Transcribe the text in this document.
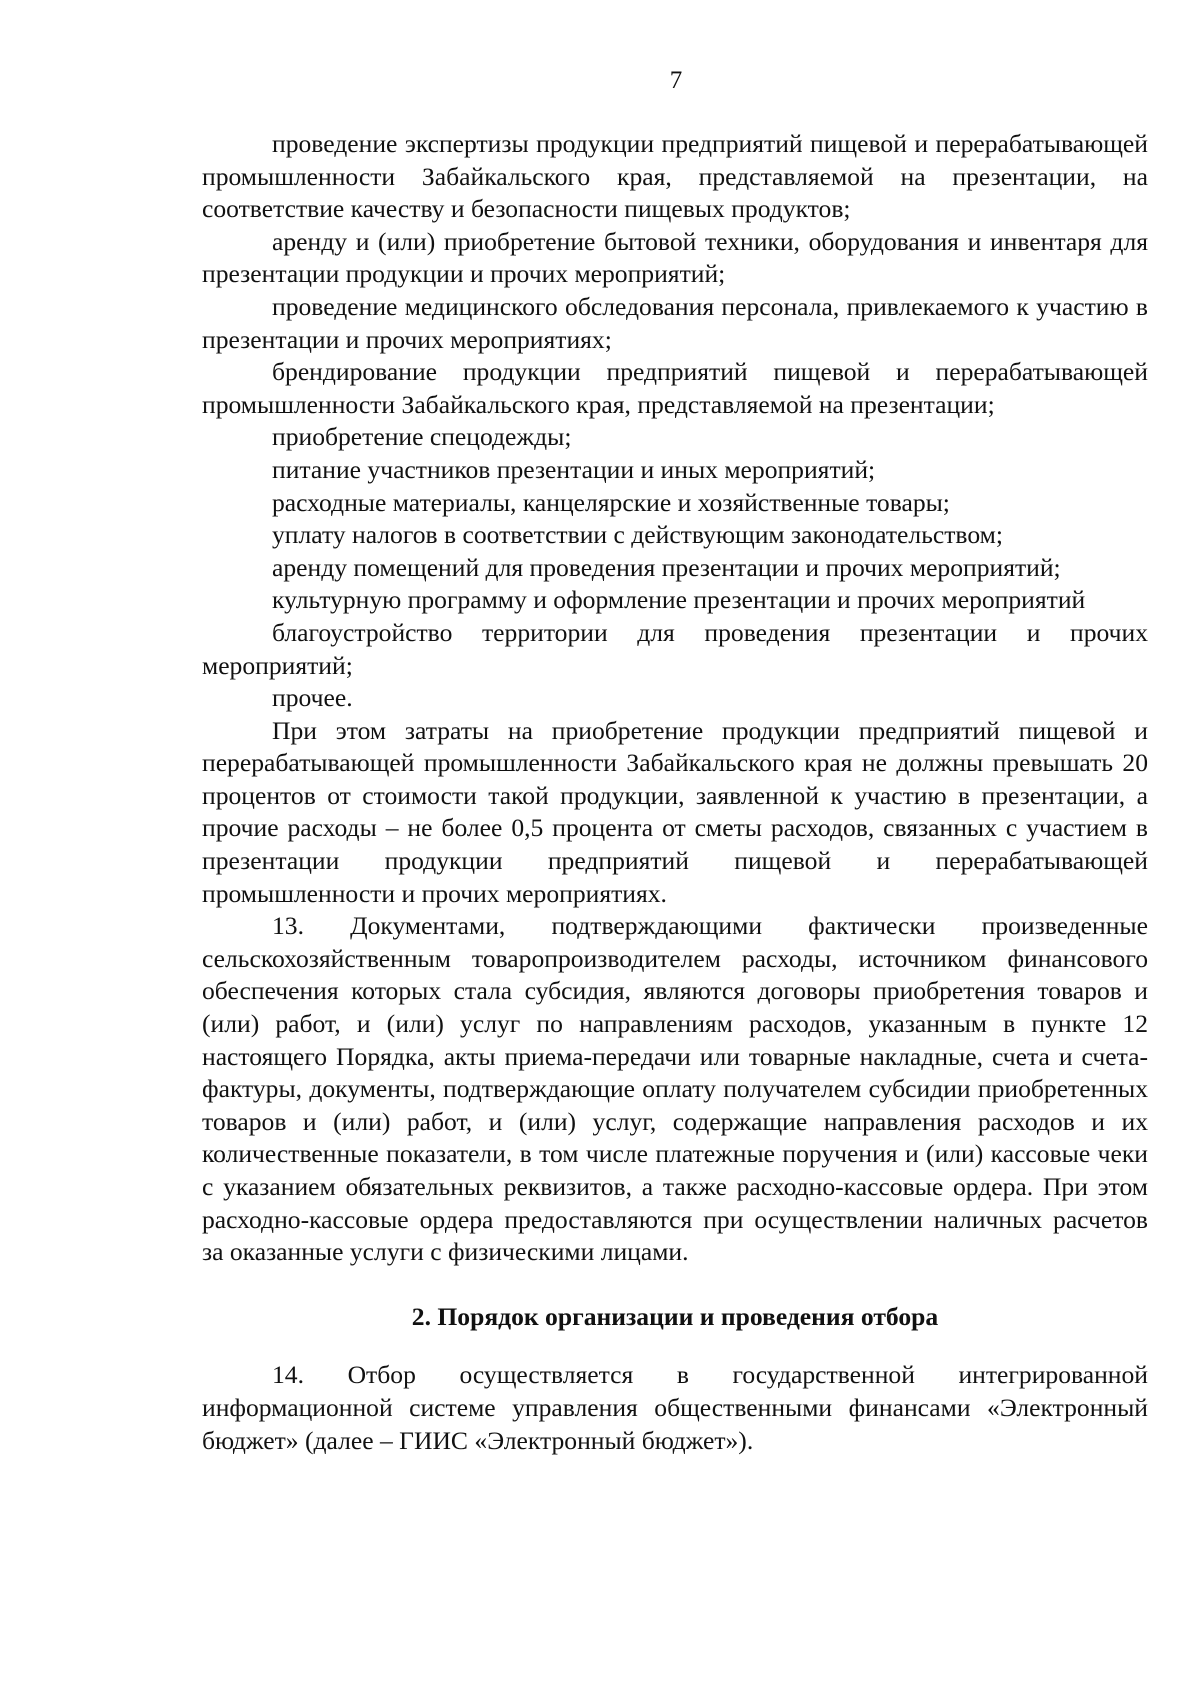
7

проведение экспертизы продукции предприятий пищевой и перерабатывающей промышленности Забайкальского края, представляемой на презентации, на соответствие качеству и безопасности пищевых продуктов;

аренду и (или) приобретение бытовой техники, оборудования и инвентаря для презентации продукции и прочих мероприятий;

проведение медицинского обследования персонала, привлекаемого к участию в презентации и прочих мероприятиях;

брендирование продукции предприятий пищевой и перерабатывающей промышленности Забайкальского края, представляемой на презентации;

приобретение спецодежды;

питание участников презентации и иных мероприятий;

расходные материалы, канцелярские и хозяйственные товары;

уплату налогов в соответствии с действующим законодательством;

аренду помещений для проведения презентации и прочих мероприятий;

культурную программу и оформление презентации и прочих мероприятий

благоустройство территории для проведения презентации и прочих мероприятий;

прочее.

При этом затраты на приобретение продукции предприятий пищевой и перерабатывающей промышленности Забайкальского края не должны превышать 20 процентов от стоимости такой продукции, заявленной к участию в презентации, а прочие расходы – не более 0,5 процента от сметы расходов, связанных с участием в презентации продукции предприятий пищевой и перерабатывающей промышленности и прочих мероприятиях.

13. Документами, подтверждающими фактически произведенные сельскохозяйственным товаропроизводителем расходы, источником финансового обеспечения которых стала субсидия, являются договоры приобретения товаров и (или) работ, и (или) услуг по направлениям расходов, указанным в пункте 12 настоящего Порядка, акты приема-передачи или товарные накладные, счета и счета-фактуры, документы, подтверждающие оплату получателем субсидии приобретенных товаров и (или) работ, и (или) услуг, содержащие направления расходов и их количественные показатели, в том числе платежные поручения и (или) кассовые чеки с указанием обязательных реквизитов, а также расходно-кассовые ордера. При этом расходно-кассовые ордера предоставляются при осуществлении наличных расчетов за оказанные услуги с физическими лицами.

2. Порядок организации и проведения отбора

14. Отбор осуществляется в государственной интегрированной информационной системе управления общественными финансами «Электронный бюджет» (далее – ГИИС «Электронный бюджет»).
